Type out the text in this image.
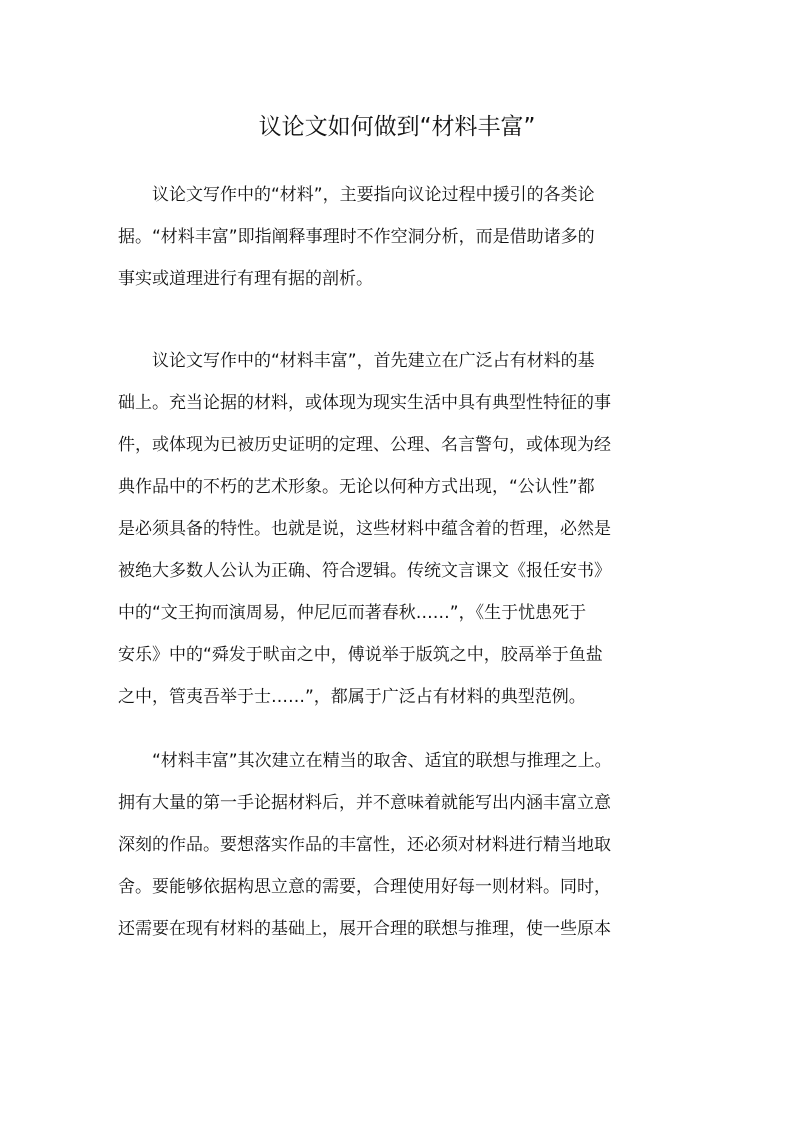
议论文如何做到“材料丰富”
　　议论文写作中的“材料”，主要指向议论过程中援引的各类论
据。“材料丰富”即指阐释事理时不作空洞分析，而是借助诸多的
事实或道理进行有理有据的剖析。
　　议论文写作中的“材料丰富”，首先建立在广泛占有材料的基
础上。充当论据的材料，或体现为现实生活中具有典型性特征的事
件，或体现为已被历史证明的定理、公理、名言警句，或体现为经
典作品中的不朽的艺术形象。无论以何种方式出现，“公认性”都
是必须具备的特性。也就是说，这些材料中蕴含着的哲理，必然是
被绝大多数人公认为正确、符合逻辑。传统文言课文《报任安书》
中的“文王拘而演周易，仲尼厄而著春秋……”，《生于忧患死于
安乐》中的“舜发于畎亩之中，傅说举于版筑之中，胶鬲举于鱼盐
之中，管夷吾举于士……”，都属于广泛占有材料的典型范例。
　　“材料丰富”其次建立在精当的取舍、适宜的联想与推理之上。
拥有大量的第一手论据材料后，并不意味着就能写出内涵丰富立意
深刻的作品。要想落实作品的丰富性，还必须对材料进行精当地取
舍。要能够依据构思立意的需要，合理使用好每一则材料。同时，
还需要在现有材料的基础上，展开合理的联想与推理，使一些原本
